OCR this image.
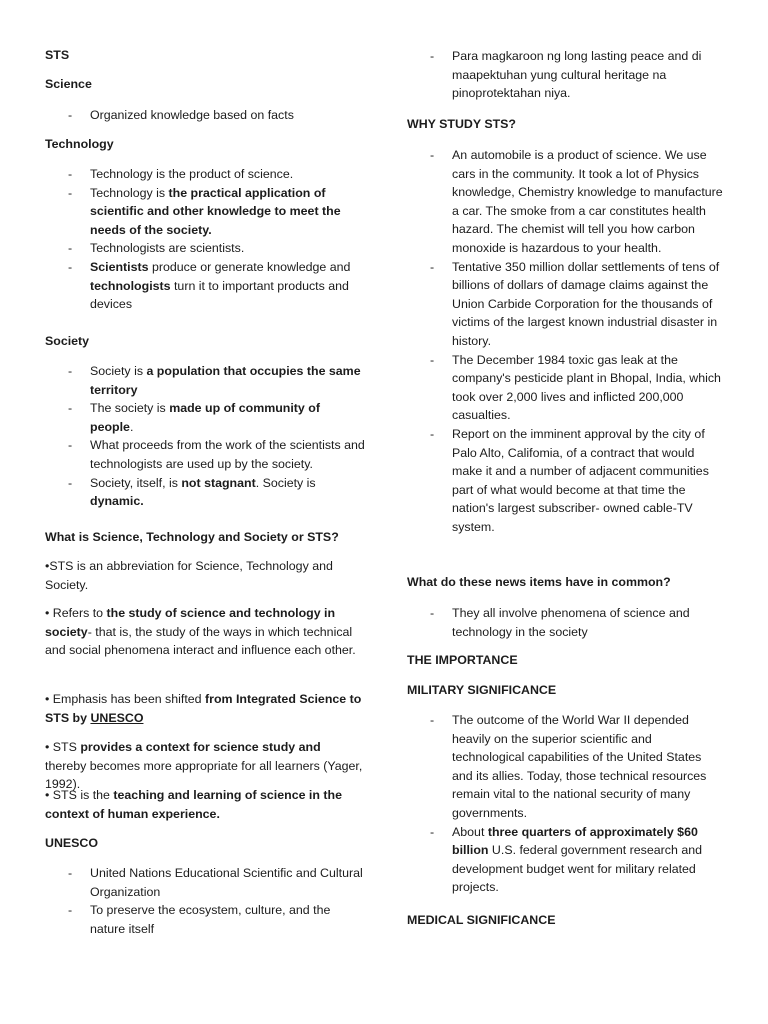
STS

Science

- Organized knowledge based on facts

Technology

- Technology is the product of science.
- Technology is the practical application of scientific and other knowledge to meet the needs of the society.
- Technologists are scientists.
- Scientists produce or generate knowledge and technologists turn it to important products and devices

Society

- Society is a population that occupies the same territory
- The society is made up of community of people.
- What proceeds from the work of the scientists and technologists are used up by the society.
- Society, itself, is not stagnant. Society is dynamic.

What is Science, Technology and Society or STS?

•STS is an abbreviation for Science, Technology and Society.

• Refers to the study of science and technology in society- that is, the study of the ways in which technical and social phenomena interact and influence each other.

• Emphasis has been shifted from Integrated Science to STS by UNESCO

• STS provides a context for science study and thereby becomes more appropriate for all learners (Yager, 1992).

• STS is the teaching and learning of science in the context of human experience.

UNESCO

- United Nations Educational Scientific and Cultural Organization
- To preserve the ecosystem, culture, and the nature itself
- Para magkaroon ng long lasting peace and di maapektuhan yung cultural heritage na pinoprotektahan niya.

WHY STUDY STS?

- An automobile is a product of science. We use cars in the community. It took a lot of Physics knowledge, Chemistry knowledge to manufacture a car. The smoke from a car constitutes health hazard. The chemist will tell you how carbon monoxide is hazardous to your health.
- Tentative 350 million dollar settlements of tens of billions of dollars of damage claims against the Union Carbide Corporation for the thousands of victims of the largest known industrial disaster in history.
- The December 1984 toxic gas leak at the company's pesticide plant in Bhopal, India, which took over 2,000 lives and inflicted 200,000 casualties.
- Report on the imminent approval by the city of Palo Alto, Califomia, of a contract that would make it and a number of adjacent communities part of what would become at that time the nation's largest subscriber- owned cable-TV system.

What do these news items have in common?

- They all involve phenomena of science and technology in the society

THE IMPORTANCE

MILITARY SIGNIFICANCE

- The outcome of the World War II depended heavily on the superior scientific and technological capabilities of the United States and its allies. Today, those technical resources remain vital to the national security of many governments.
- About three quarters of approximately $60 billion U.S. federal government research and development budget went for military related projects.

MEDICAL SIGNIFICANCE
